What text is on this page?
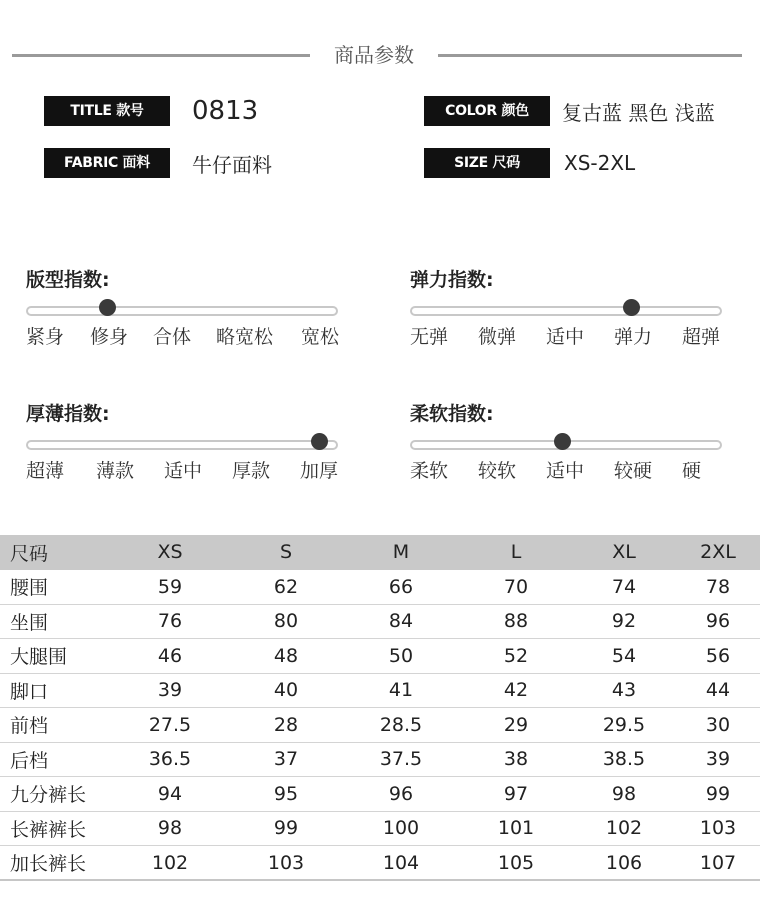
商品参数
TITLE 款号	0813
FABRIC 面料	牛仔面料
COLOR 颜色	复古蓝 黑色 浅蓝
SIZE 尺码	XS-2XL
版型指数:
紧身 修身 合体 略宽松 宽松
弹力指数:
无弹 微弹 适中 弹力 超弹
厚薄指数:
超薄 薄款 适中 厚款 加厚
柔软指数:
柔软 较软 适中 较硬 硬
尺码	XS	S	M	L	XL	2XL
腰围	59	62	66	70	74	78
坐围	76	80	84	88	92	96
大腿围	46	48	50	52	54	56
脚口	39	40	41	42	43	44
前档	27.5	28	28.5	29	29.5	30
后档	36.5	37	37.5	38	38.5	39
九分裤长	94	95	96	97	98	99
长裤裤长	98	99	100	101	102	103
加长裤长	102	103	104	105	106	107
